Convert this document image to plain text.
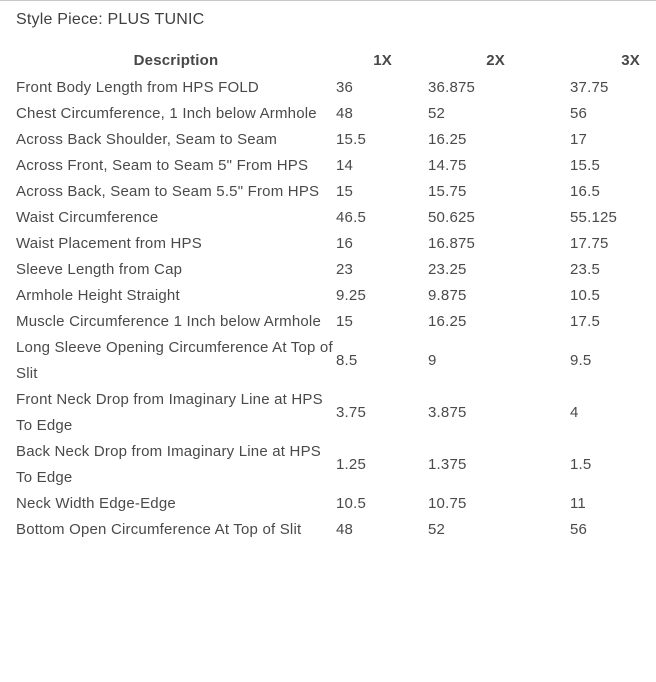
Style Piece: PLUS TUNIC
Description	1X	2X	3X
Front Body Length from HPS FOLD	36	36.875	37.75
Chest Circumference, 1 Inch below Armhole	48	52	56
Across Back Shoulder, Seam to Seam	15.5	16.25	17
Across Front, Seam to Seam 5" From HPS	14	14.75	15.5
Across Back, Seam to Seam 5.5" From HPS	15	15.75	16.5
Waist Circumference	46.5	50.625	55.125
Waist Placement from HPS	16	16.875	17.75
Sleeve Length from Cap	23	23.25	23.5
Armhole Height Straight	9.25	9.875	10.5
Muscle Circumference 1 Inch below Armhole	15	16.25	17.5
Long Sleeve Opening Circumference At Top of Slit	8.5	9	9.5
Front Neck Drop from Imaginary Line at HPS To Edge	3.75	3.875	4
Back Neck Drop from Imaginary Line at HPS To Edge	1.25	1.375	1.5
Neck Width Edge-Edge	10.5	10.75	11
Bottom Open Circumference At Top of Slit	48	52	56
